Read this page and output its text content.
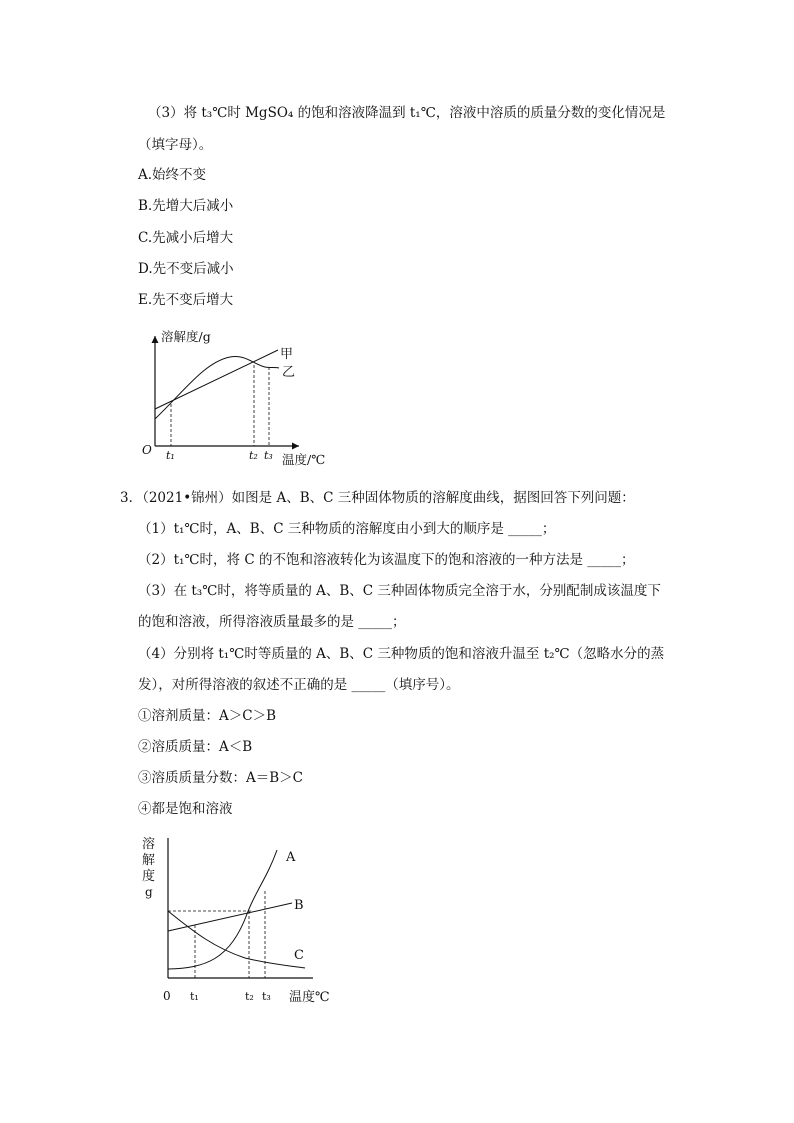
（3）将 t₃℃时 MgSO₄ 的饱和溶液降温到 t₁℃，溶液中溶质的质量分数的变化情况是
（填字母）。
A.始终不变
B.先增大后减小
C.先减小后增大
D.先不变后减小
E.先不变后增大
溶解度/g
温度/℃
O t₁	t₂ t₃
甲
乙
3．（2021•锦州）如图是 A、B、C 三种固体物质的溶解度曲线，据图回答下列问题：
（1）t₁℃时，A、B、C 三种物质的溶解度由小到大的顺序是 _____；
（2）t₁℃时，将 C 的不饱和溶液转化为该温度下的饱和溶液的一种方法是 _____；
（3）在 t₃℃时，将等质量的 A、B、C 三种固体物质完全溶于水，分别配制成该温度下
的饱和溶液，所得溶液质量最多的是 _____；
（4）分别将 t₁℃时等质量的 A、B、C 三种物质的饱和溶液升温至 t₂℃（忽略水分的蒸
发），对所得溶液的叙述不正确的是 _____（填序号）。
①溶剂质量：A＞C＞B
②溶质质量：A＜B
③溶质质量分数：A＝B＞C
④都是饱和溶液
溶
解
度
g
0 t₁	t₂ t₃ 温度℃
A
B
C
